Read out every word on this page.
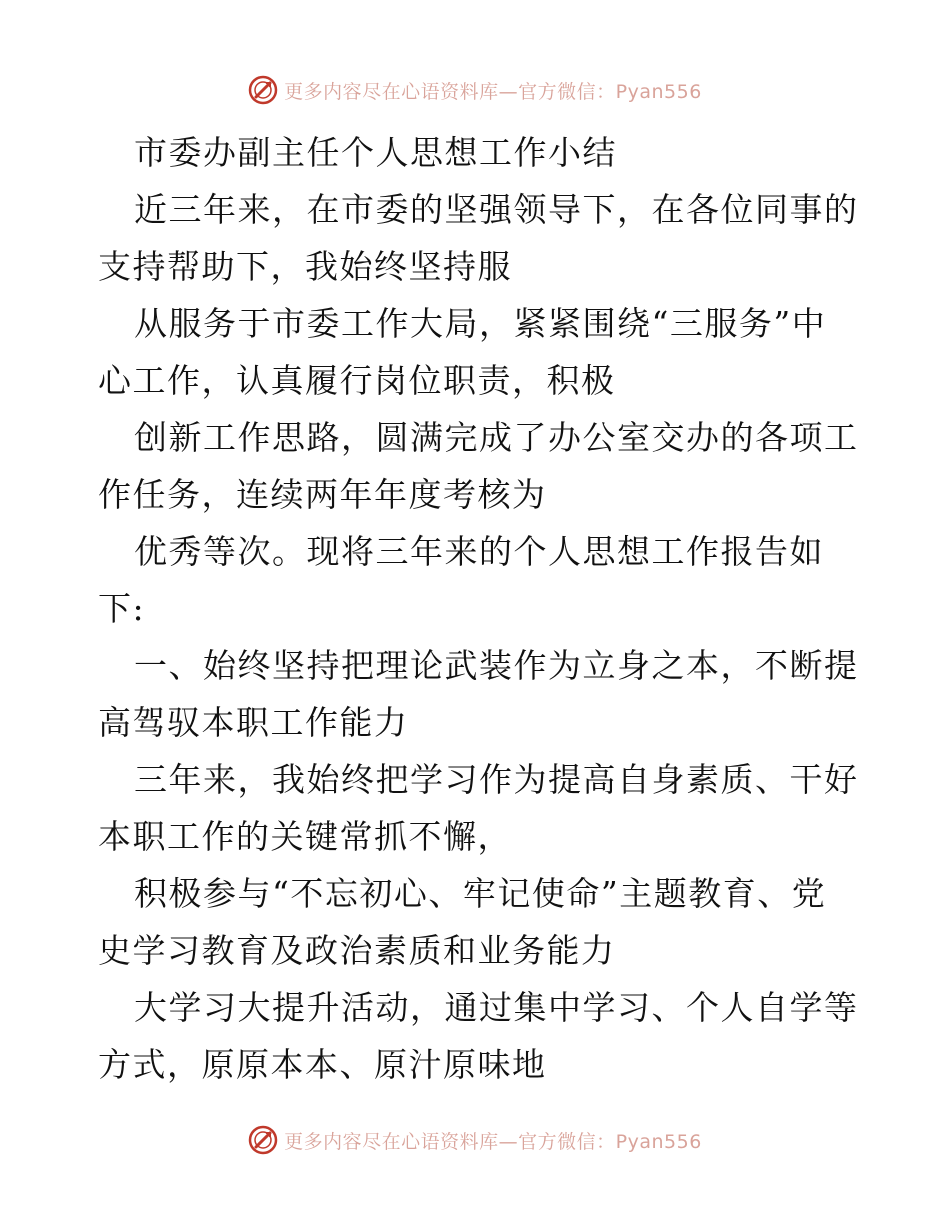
更多内容尽在心语资料库—官方微信：Pyan556

市委办副主任个人思想工作小结

近三年来，在市委的坚强领导下，在各位同事的

支持帮助下，我始终坚持服

从服务于市委工作大局，紧紧围绕“三服务”中

心工作，认真履行岗位职责，积极

创新工作思路，圆满完成了办公室交办的各项工

作任务，连续两年年度考核为

优秀等次。现将三年来的个人思想工作报告如

下:

一、始终坚持把理论武装作为立身之本，不断提

高驾驭本职工作能力

三年来，我始终把学习作为提高自身素质、干好

本职工作的关键常抓不懈，

积极参与“不忘初心、牢记使命”主题教育、党

史学习教育及政治素质和业务能力

大学习大提升活动，通过集中学习、个人自学等

方式，原原本本、原汁原味地

更多内容尽在心语资料库—官方微信：Pyan556
